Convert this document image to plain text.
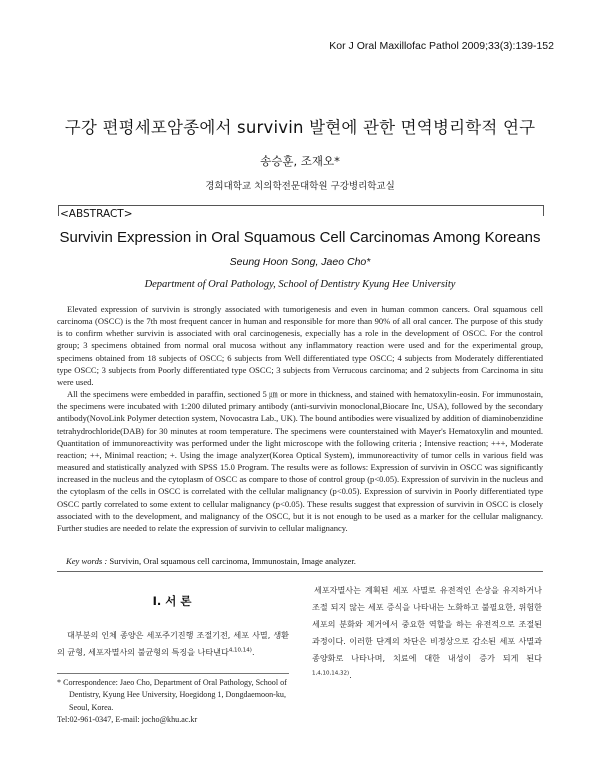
Kor J Oral Maxillofac Pathol 2009;33(3):139-152
구강 편평세포암종에서 survivin 발현에 관한 면역병리학적 연구
송승훈, 조재오*
경희대학교 치의학전문대학원 구강병리학교실
<ABSTRACT>
Survivin Expression in Oral Squamous Cell Carcinomas Among Koreans
Seung Hoon Song, Jaeo Cho*
Department of Oral Pathology, School of Dentistry Kyung Hee University

Elevated expression of survivin is strongly associated with tumorigenesis and even in human common cancers. Oral squamous cell carcinoma (OSCC) is the 7th most frequent cancer in human and responsible for more than 90% of all oral cancer. The purpose of this study is to confirm whether survivin is associated with oral carcinogenesis, expecially has a role in the development of OSCC. For the control group; 3 specimens obtained from normal oral mucosa without any inflammatory reaction were used and for the experimental group, specimens obtained from 18 subjects of OSCC; 6 subjects from Well differentiated type OSCC; 4 subjects from Moderately differentiated type OSCC; 3 subjects from Poorly differentiated type OSCC; 3 subjects from Verrucous carcinoma; and 2 subjects from Carcinoma in situ were used.

All the specimens were embedded in paraffin, sectioned 5 ㎛ or more in thickness, and stained with hematoxylin-eosin. For immunostain, the specimens were incubated with 1:200 diluted primary antibody (anti-survivin monoclonal,Biocare Inc, USA), followed by the secondary antibody(NovoLink Polymer detection system, Novocastra Lab., UK). The bound antibodies were visualized by addition of diaminobenzidine tetrahydrochloride(DAB) for 30 minutes at room temperature. The specimens were counterstained with Mayer's Hematoxylin and mounted. Quantitation of immunoreactivity was performed under the light microscope with the following criteria ; Intensive reaction; +++, Moderate reaction; ++, Minimal reaction; +. Using the image analyzer(Korea Optical System), immunoreactivity of tumor cells in various field was measured and statistically analyzed with SPSS 15.0 Program. The results were as follows: Expression of survivin in OSCC was significantly increased in the nucleus and the cytoplasm of OSCC as compare to those of control group (p<0.05). Expression of survivin in the nucleus and the cytoplasm of the cells in OSCC is correlated with the cellular malignancy (p<0.05). Expression of survivin in Poorly differentiated type OSCC partly correlated to some extent to cellular malignancy (p<0.05). These results suggest that expression of survivin in OSCC is closely associated with to the development, and malignancy of the OSCC, but it is not enough to be used as a marker for the cellular malignancy. Further studies are needed to relate the expression of survivin to cellular malignancy.

Key words : Survivin, Oral squamous cell carcinoma, Immunostain, Image analyzer.
I. 서 론

대부분의 인체 종양은 세포주기진행 조절기전, 세포 사멸, 생환의 균형, 세포자멸사의 불균형의 특징을 나타낸다$^{4,10,14)}$.

세포자멸사는 계획된 세포 사멸로 유전적인 손상을 유지하거나 조절 되지 않는 세포 증식을 나타내는 노화하고 불필요한, 위험한 세포의 분화와 제거에서 중요한 역할을 하는 유전적으로 조절된 과정이다. 이러한 단계의 차단은 비정상으로 감소된 세포 사멸과 종양화로 나타나며, 치료에 대한 내성이 증가 되게 된다$^{1,4,10,14,32)}$.

* Correspondence: Jaeo Cho, Department of Oral Pathology, School of Dentistry, Kyung Hee University, Hoegidong 1, Dongdaemoon-ku, Seoul, Korea.
Tel:02-961-0347, E-mail: jocho@khu.ac.kr
